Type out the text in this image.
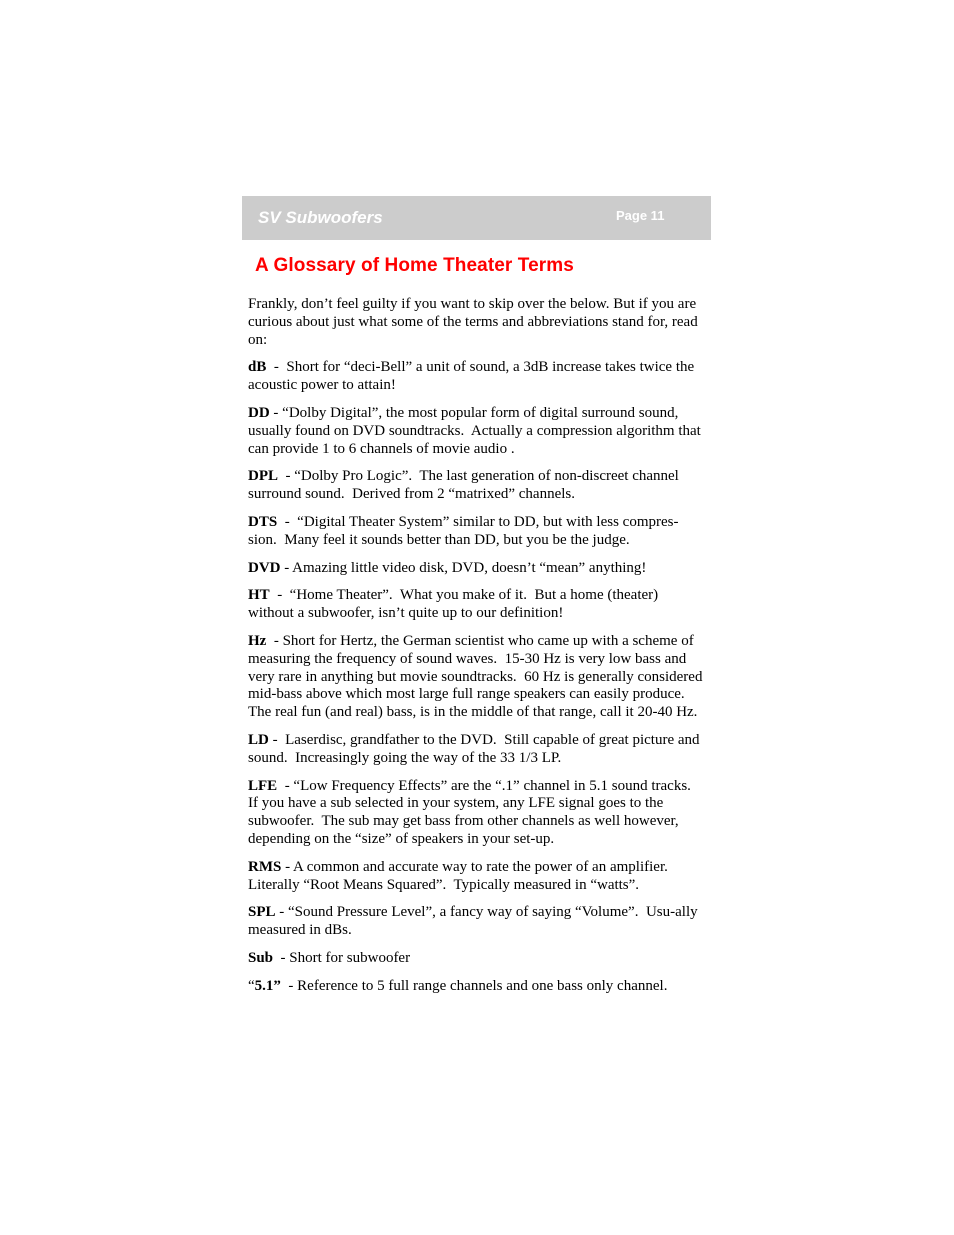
SV Subwoofers	Page 11
A Glossary of Home Theater Terms

Frankly, don’t feel guilty if you want to skip over the below. But if you are curious about just what some of the terms and abbreviations stand for, read on:

dB  -  Short for “deci-Bell” a unit of sound, a 3dB increase takes twice the acoustic power to attain!

DD - “Dolby Digital”, the most popular form of digital surround sound, usually found on DVD soundtracks.  Actually a compression algorithm that can provide 1 to 6 channels of movie audio .

DPL  - “Dolby Pro Logic”.  The last generation of non-discreet channel surround sound.  Derived from 2 “matrixed” channels.

DTS  -  “Digital Theater System” similar to DD, but with less compres-sion.  Many feel it sounds better than DD, but you be the judge.

DVD - Amazing little video disk, DVD, doesn’t “mean” anything!

HT  -  “Home Theater”.  What you make of it.  But a home (theater) without a subwoofer, isn’t quite up to our definition!

Hz  - Short for Hertz, the German scientist who came up with a scheme of measuring the frequency of sound waves.  15-30 Hz is very low bass and very rare in anything but movie soundtracks.  60 Hz is generally considered mid-bass above which most large full range speakers can easily produce.  The real fun (and real) bass, is in the middle of that range, call it 20-40 Hz.

LD -  Laserdisc, grandfather to the DVD.  Still capable of great picture and sound.  Increasingly going the way of the 33 1/3 LP.

LFE  - “Low Frequency Effects” are the “.1” channel in 5.1 sound tracks.  If you have a sub selected in your system, any LFE signal goes to the subwoofer.  The sub may get bass from other channels as well however, depending on the “size” of speakers in your set-up.

RMS - A common and accurate way to rate the power of an amplifier.  Literally “Root Means Squared”.  Typically measured in “watts”.

SPL - “Sound Pressure Level”, a fancy way of saying “Volume”.  Usu-ally measured in dBs.

Sub  - Short for subwoofer

“5.1”  - Reference to 5 full range channels and one bass only channel.
